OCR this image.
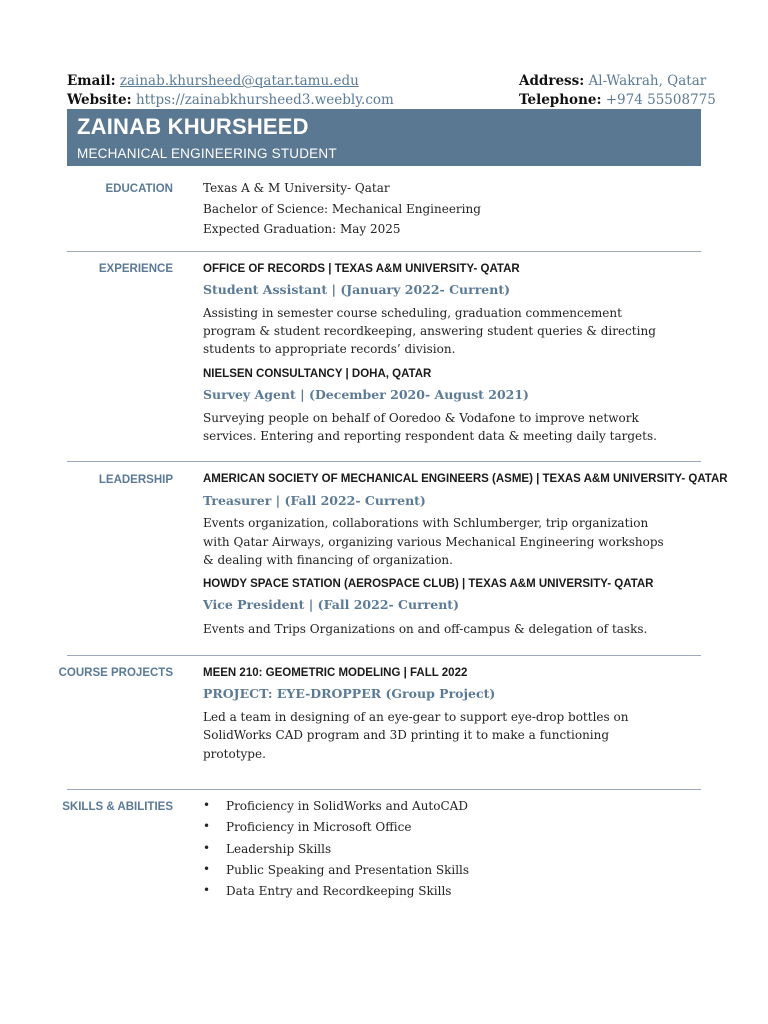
Email: zainab.khursheed@qatar.tamu.edu
Website: https://zainabkhursheed3.weebly.com
Address: Al-Wakrah, Qatar
Telephone: +974 55508775
ZAINAB KHURSHEED
MECHANICAL ENGINEERING STUDENT
EDUCATION	Texas A & M University- Qatar
Bachelor of Science: Mechanical Engineering
Expected Graduation: May 2025
EXPERIENCE	OFFICE OF RECORDS | TEXAS A&M UNIVERSITY- QATAR
Student Assistant | (January 2022- Current)
Assisting in semester course scheduling, graduation commencement
program & student recordkeeping, answering student queries & directing
students to appropriate records’ division.
NIELSEN CONSULTANCY | DOHA, QATAR
Survey Agent | (December 2020- August 2021)
Surveying people on behalf of Ooredoo & Vodafone to improve network
services. Entering and reporting respondent data & meeting daily targets.
LEADERSHIP	AMERICAN SOCIETY OF MECHANICAL ENGINEERS (ASME) | TEXAS A&M UNIVERSITY- QATAR
Treasurer | (Fall 2022- Current)
Events organization, collaborations with Schlumberger, trip organization
with Qatar Airways, organizing various Mechanical Engineering workshops
& dealing with financing of organization.
HOWDY SPACE STATION (AEROSPACE CLUB) | TEXAS A&M UNIVERSITY- QATAR
Vice President | (Fall 2022- Current)
Events and Trips Organizations on and off-campus & delegation of tasks.
COURSE PROJECTS	MEEN 210: GEOMETRIC MODELING | FALL 2022
PROJECT: EYE-DROPPER (Group Project)
Led a team in designing of an eye-gear to support eye-drop bottles on
SolidWorks CAD program and 3D printing it to make a functioning
prototype.
SKILLS & ABILITIES	• Proficiency in SolidWorks and AutoCAD
• Proficiency in Microsoft Office
• Leadership Skills
• Public Speaking and Presentation Skills
• Data Entry and Recordkeeping Skills
